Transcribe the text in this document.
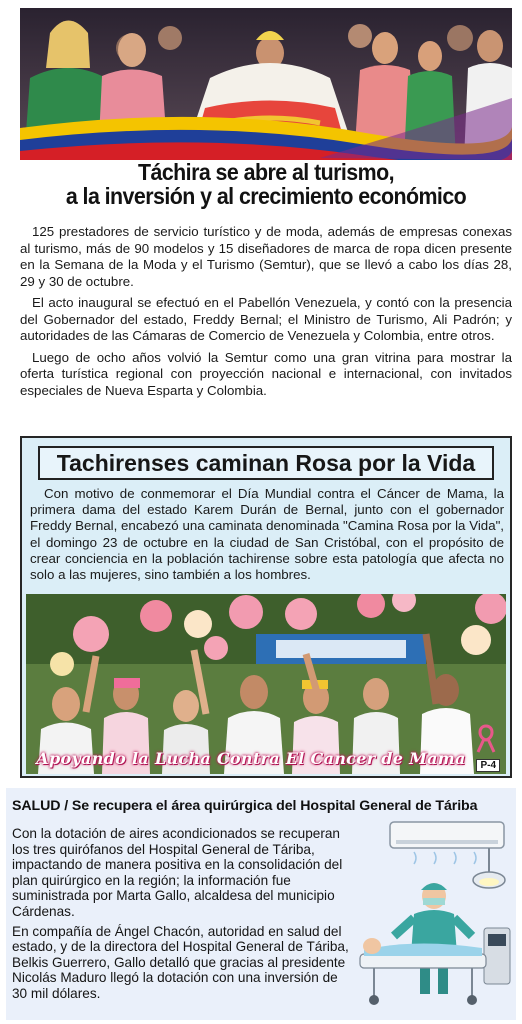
Táchira se abre al turismo,
a la inversión y al crecimiento económico

125 prestadores de servicio turístico y de moda, además de empresas conexas al turismo, más de 90 modelos y 15 diseñadores de marca de ropa dicen presente en la Semana de la Moda y el Turismo (Semtur), que se llevó a cabo los días 28, 29 y 30 de octubre.

El acto inaugural se efectuó en el Pabellón Venezuela, y contó con la presencia del Gobernador del estado, Freddy Bernal; el Ministro de Turismo, Ali Padrón; y autoridades de las Cámaras de Comercio de Venezuela y Colombia, entre otros.

Luego de ocho años volvió la Semtur como una gran vitrina para mostrar la oferta turística regional con proyección nacional e internacional, con invitados especiales de Nueva Esparta y Colombia.

Tachirenses caminan Rosa por la Vida

Con motivo de conmemorar el Día Mundial contra el Cáncer de Mama, la primera dama del estado Karem Durán de Bernal, junto con el gobernador Freddy Bernal, encabezó una caminata denominada "Camina Rosa por la Vida", el domingo 23 de octubre en la ciudad de San Cristóbal, con el propósito de crear conciencia en la población tachirense sobre esta patología que afecta no solo a las mujeres, sino también a los hombres.

Apoyando la Lucha Contra El Cancer de Mama	P-4
SALUD / Se recupera el área quirúrgica del Hospital General de Táriba

Con la dotación de aires acondicionados se recuperan los tres quirófanos del Hospital General de Táriba, impactando de manera positiva en la consolidación del plan quirúrgico en la región; la información fue suministrada por Marta Gallo, alcaldesa del municipio Cárdenas.

En compañía de Ángel Chacón, autoridad en salud del estado, y de la directora del Hospital General de Táriba, Belkis Guerrero, Gallo detalló que gracias al presidente Nicolás Maduro llegó la dotación con una inversión de 30 mil dólares.
